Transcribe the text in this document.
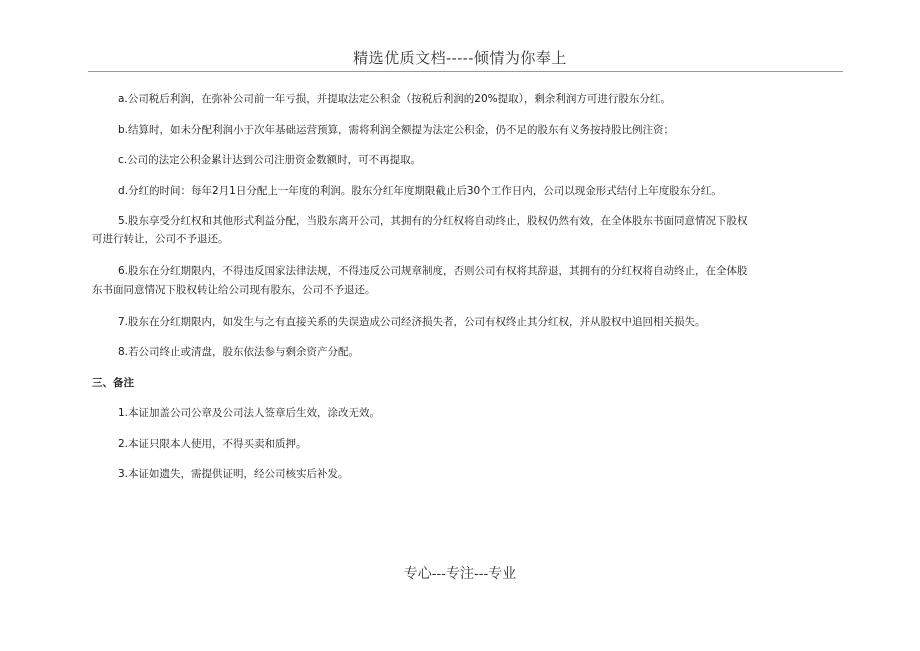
精选优质文档-----倾情为你奉上
a.公司税后利润，在弥补公司前一年亏损，并提取法定公积金（按税后利润的20%提取），剩余利润方可进行股东分红。
b.结算时，如未分配利润小于次年基础运营预算，需将利润全额提为法定公积金，仍不足的股东有义务按持股比例注资；
c.公司的法定公积金累计达到公司注册资金数额时，可不再提取。
d.分红的时间：每年2月1日分配上一年度的利润。股东分红年度期限截止后30个工作日内，公司以现金形式结付上年度股东分红。
5.股东享受分红权和其他形式利益分配，当股东离开公司，其拥有的分红权将自动终止，股权仍然有效，在全体股东书面同意情况下股权
可进行转让，公司不予退还。
6.股东在分红期限内，不得违反国家法律法规，不得违反公司规章制度，否则公司有权将其辞退，其拥有的分红权将自动终止，在全体股
东书面同意情况下股权转让给公司现有股东，公司不予退还。
7.股东在分红期限内，如发生与之有直接关系的失误造成公司经济损失者，公司有权终止其分红权，并从股权中追回相关损失。
8.若公司终止或清盘，股东依法参与剩余资产分配。
三、备注
1.本证加盖公司公章及公司法人签章后生效，涂改无效。
2.本证只限本人使用，不得买卖和质押。
3.本证如遗失，需提供证明，经公司核实后补发。
专心---专注---专业
